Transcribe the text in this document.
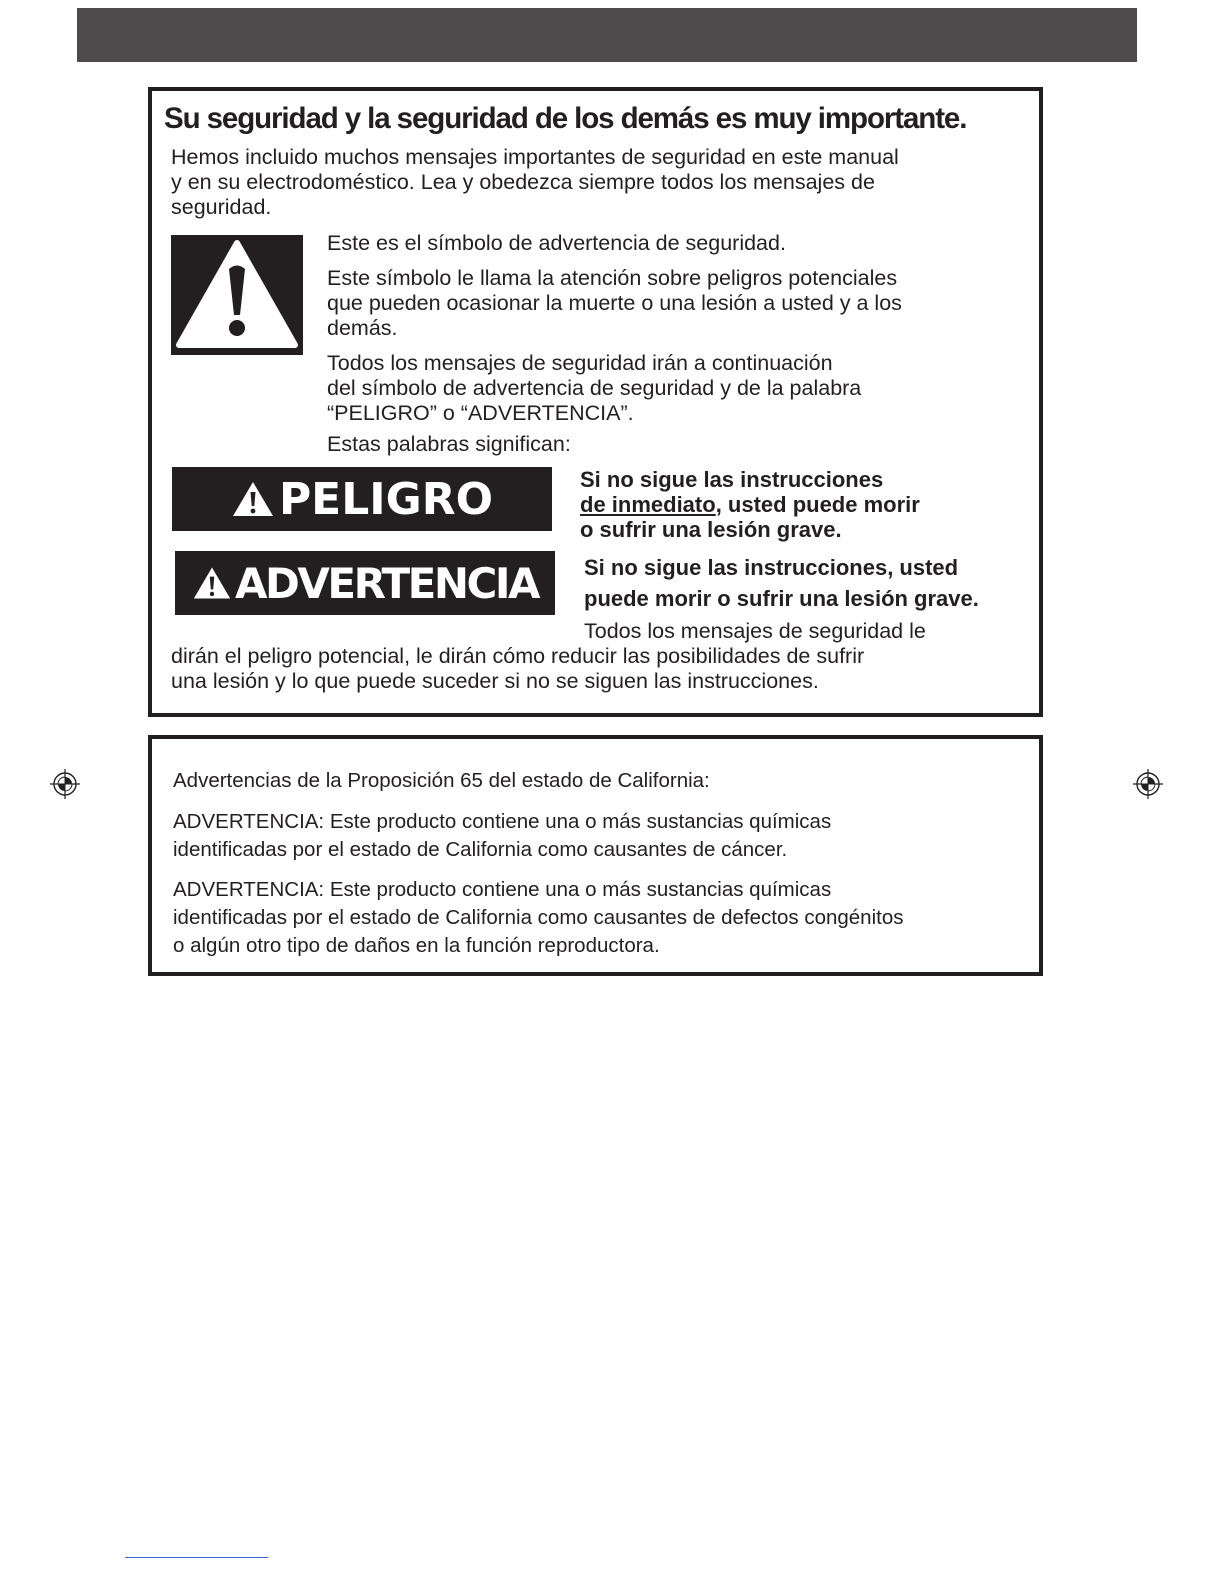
Su seguridad y la seguridad de los demás es muy importante.

Hemos incluido muchos mensajes importantes de seguridad en este manual
y en su electrodoméstico. Lea y obedezca siempre todos los mensajes de
seguridad.

Este es el símbolo de advertencia de seguridad.

Este símbolo le llama la atención sobre peligros potenciales
que pueden ocasionar la muerte o una lesión a usted y a los
demás.

Todos los mensajes de seguridad irán a continuación
del símbolo de advertencia de seguridad y de la palabra
“PELIGRO” o “ADVERTENCIA”.

Estas palabras significan:

PELIGRO	Si no sigue las instrucciones
de inmediato, usted puede morir
o sufrir una lesión grave.

ADVERTENCIA Si no sigue las instrucciones, usted
puede morir o sufrir una lesión grave.

Todos los mensajes de seguridad le
dirán el peligro potencial, le dirán cómo reducir las posibilidades de sufrir
una lesión y lo que puede suceder si no se siguen las instrucciones.

Advertencias de la Proposición 65 del estado de California:

ADVERTENCIA: Este producto contiene una o más sustancias químicas
identificadas por el estado de California como causantes de cáncer.

ADVERTENCIA: Este producto contiene una o más sustancias químicas
identificadas por el estado de California como causantes de defectos congénitos
o algún otro tipo de daños en la función reproductora.
